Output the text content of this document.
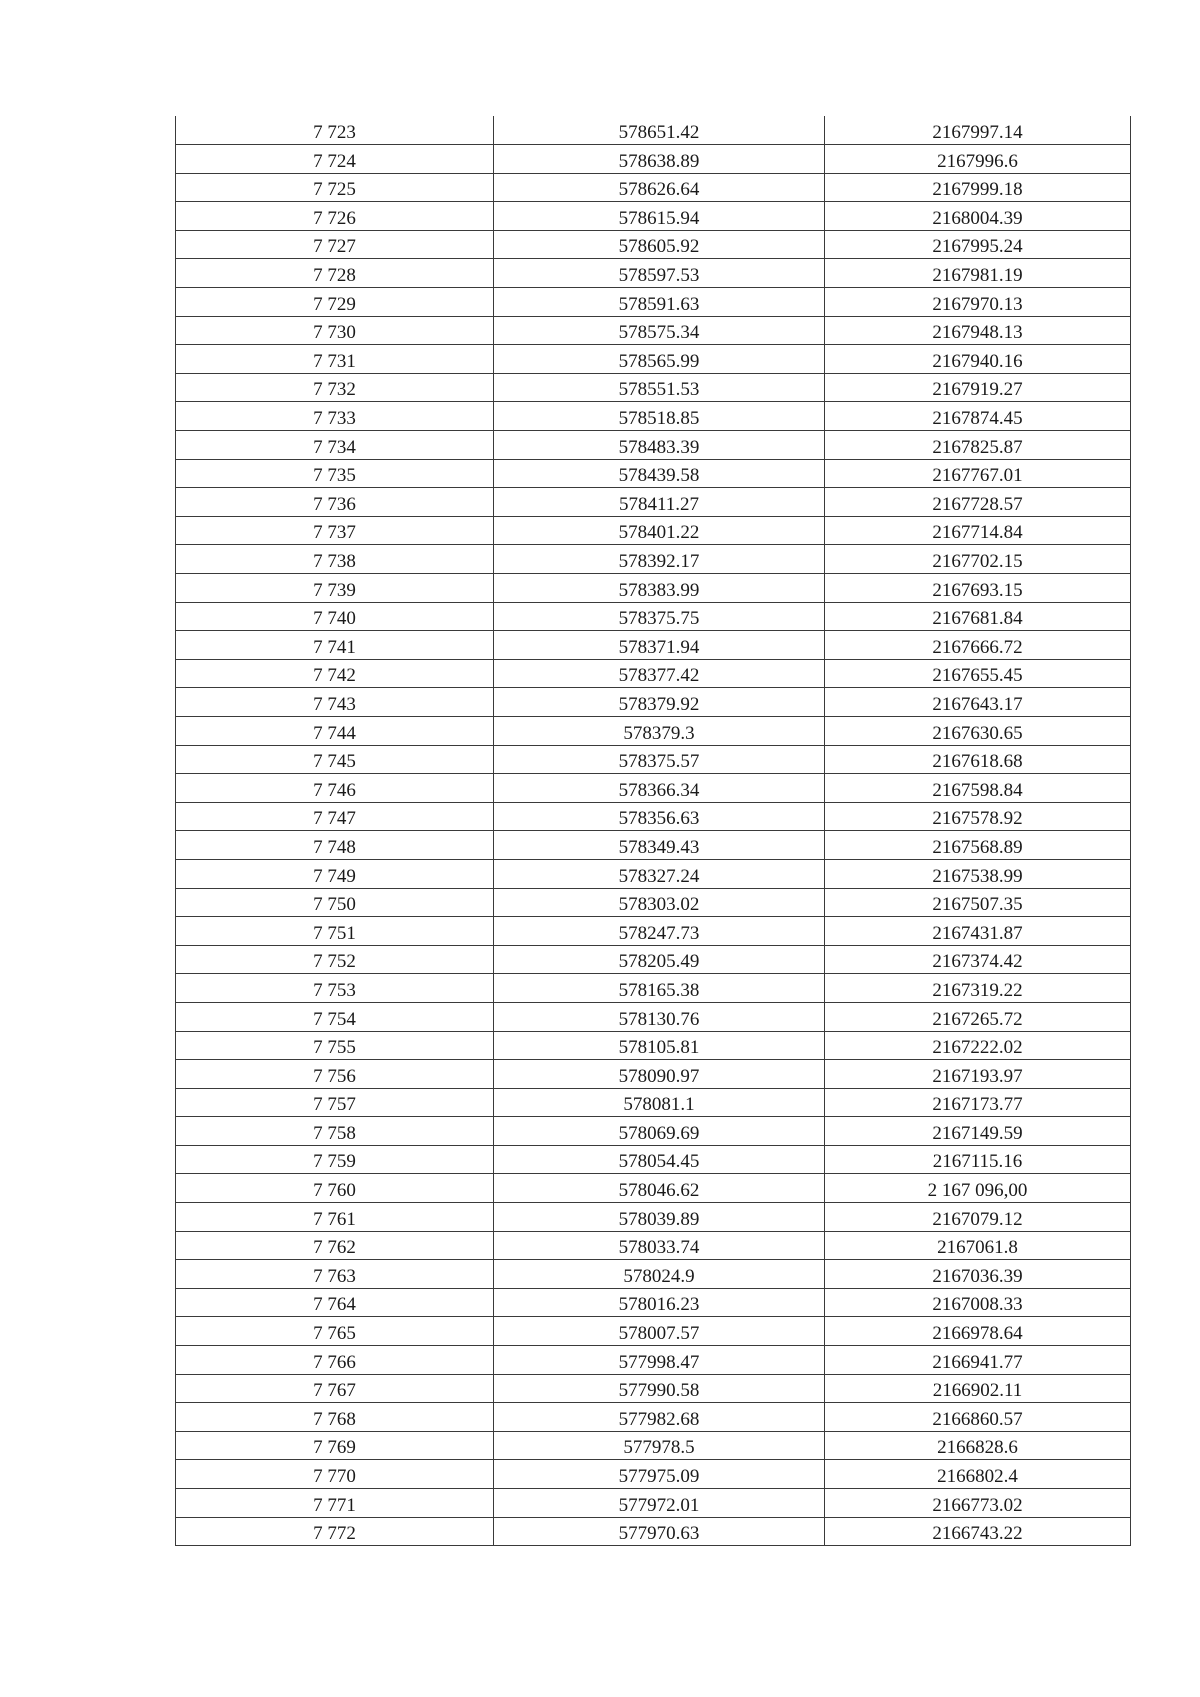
7 723	578651.42	2167997.14
7 724	578638.89	2167996.6
7 725	578626.64	2167999.18
7 726	578615.94	2168004.39
7 727	578605.92	2167995.24
7 728	578597.53	2167981.19
7 729	578591.63	2167970.13
7 730	578575.34	2167948.13
7 731	578565.99	2167940.16
7 732	578551.53	2167919.27
7 733	578518.85	2167874.45
7 734	578483.39	2167825.87
7 735	578439.58	2167767.01
7 736	578411.27	2167728.57
7 737	578401.22	2167714.84
7 738	578392.17	2167702.15
7 739	578383.99	2167693.15
7 740	578375.75	2167681.84
7 741	578371.94	2167666.72
7 742	578377.42	2167655.45
7 743	578379.92	2167643.17
7 744	578379.3	2167630.65
7 745	578375.57	2167618.68
7 746	578366.34	2167598.84
7 747	578356.63	2167578.92
7 748	578349.43	2167568.89
7 749	578327.24	2167538.99
7 750	578303.02	2167507.35
7 751	578247.73	2167431.87
7 752	578205.49	2167374.42
7 753	578165.38	2167319.22
7 754	578130.76	2167265.72
7 755	578105.81	2167222.02
7 756	578090.97	2167193.97
7 757	578081.1	2167173.77
7 758	578069.69	2167149.59
7 759	578054.45	2167115.16
7 760	578046.62	2 167 096,00
7 761	578039.89	2167079.12
7 762	578033.74	2167061.8
7 763	578024.9	2167036.39
7 764	578016.23	2167008.33
7 765	578007.57	2166978.64
7 766	577998.47	2166941.77
7 767	577990.58	2166902.11
7 768	577982.68	2166860.57
7 769	577978.5	2166828.6
7 770	577975.09	2166802.4
7 771	577972.01	2166773.02
7 772	577970.63	2166743.22
